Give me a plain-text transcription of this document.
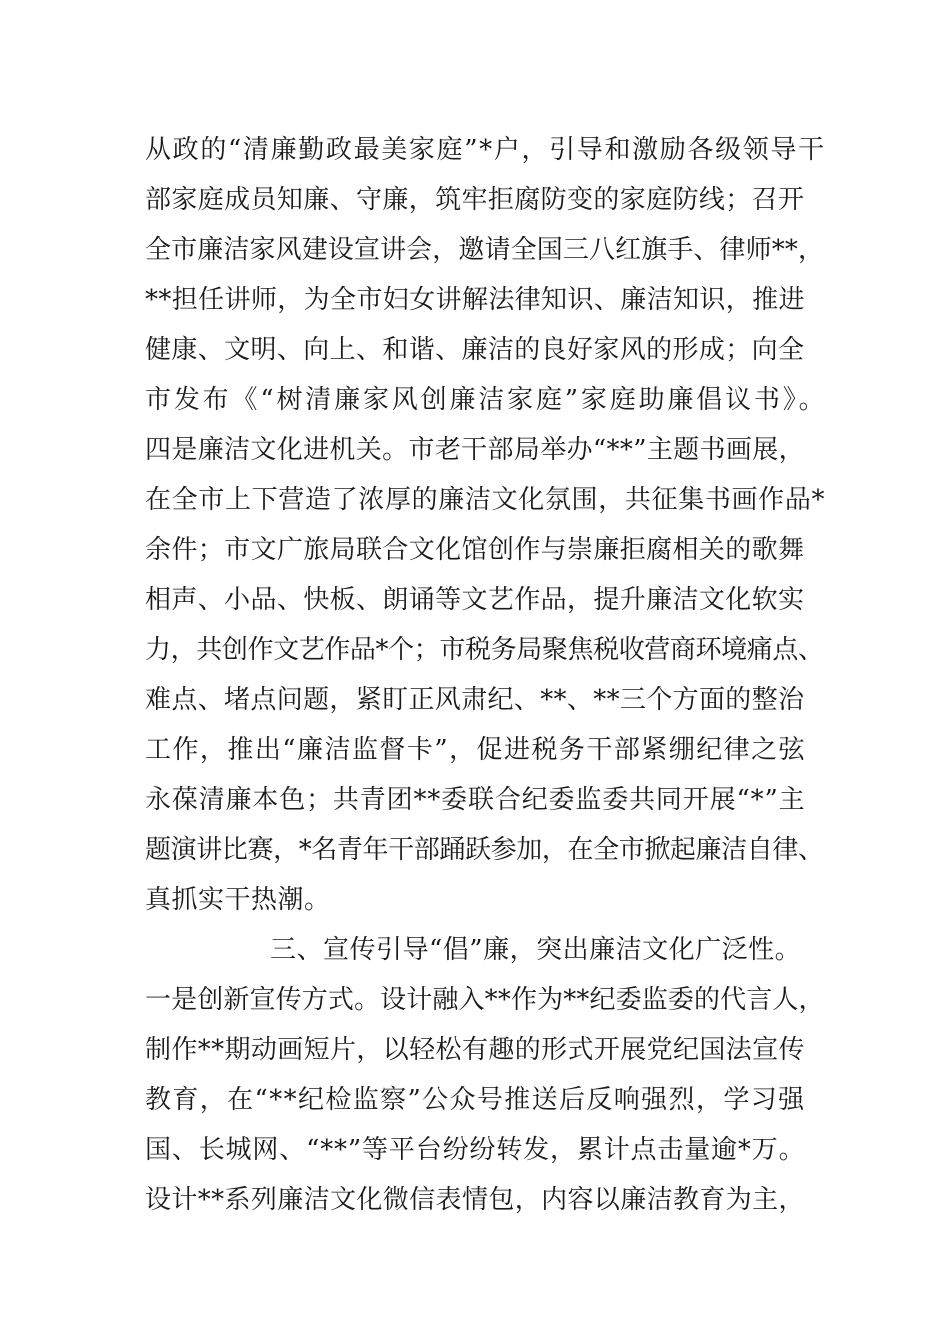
从政的“清廉勤政最美家庭”*户，引导和激励各级领导干
部家庭成员知廉、守廉，筑牢拒腐防变的家庭防线；召开
全市廉洁家风建设宣讲会，邀请全国三八红旗手、律师**，
**担任讲师，为全市妇女讲解法律知识、廉洁知识，推进
健康、文明、向上、和谐、廉洁的良好家风的形成；向全
市发布《“树清廉家风创廉洁家庭”家庭助廉倡议书》。
四是廉洁文化进机关。市老干部局举办“**”主题书画展，
在全市上下营造了浓厚的廉洁文化氛围，共征集书画作品*
余件；市文广旅局联合文化馆创作与崇廉拒腐相关的歌舞
相声、小品、快板、朗诵等文艺作品，提升廉洁文化软实
力，共创作文艺作品*个；市税务局聚焦税收营商环境痛点、
难点、堵点问题，紧盯正风肃纪、**、**三个方面的整治
工作，推出“廉洁监督卡”，促进税务干部紧绷纪律之弦
永葆清廉本色；共青团**委联合纪委监委共同开展“*”主
题演讲比赛，*名青年干部踊跃参加，在全市掀起廉洁自律、
真抓实干热潮。
三、宣传引导“倡”廉，突出廉洁文化广泛性。
一是创新宣传方式。设计融入**作为**纪委监委的代言人，
制作**期动画短片，以轻松有趣的形式开展党纪国法宣传
教育，在“**纪检监察”公众号推送后反响强烈，学习强
国、长城网、“**”等平台纷纷转发，累计点击量逾*万。
设计**系列廉洁文化微信表情包，内容以廉洁教育为主，
